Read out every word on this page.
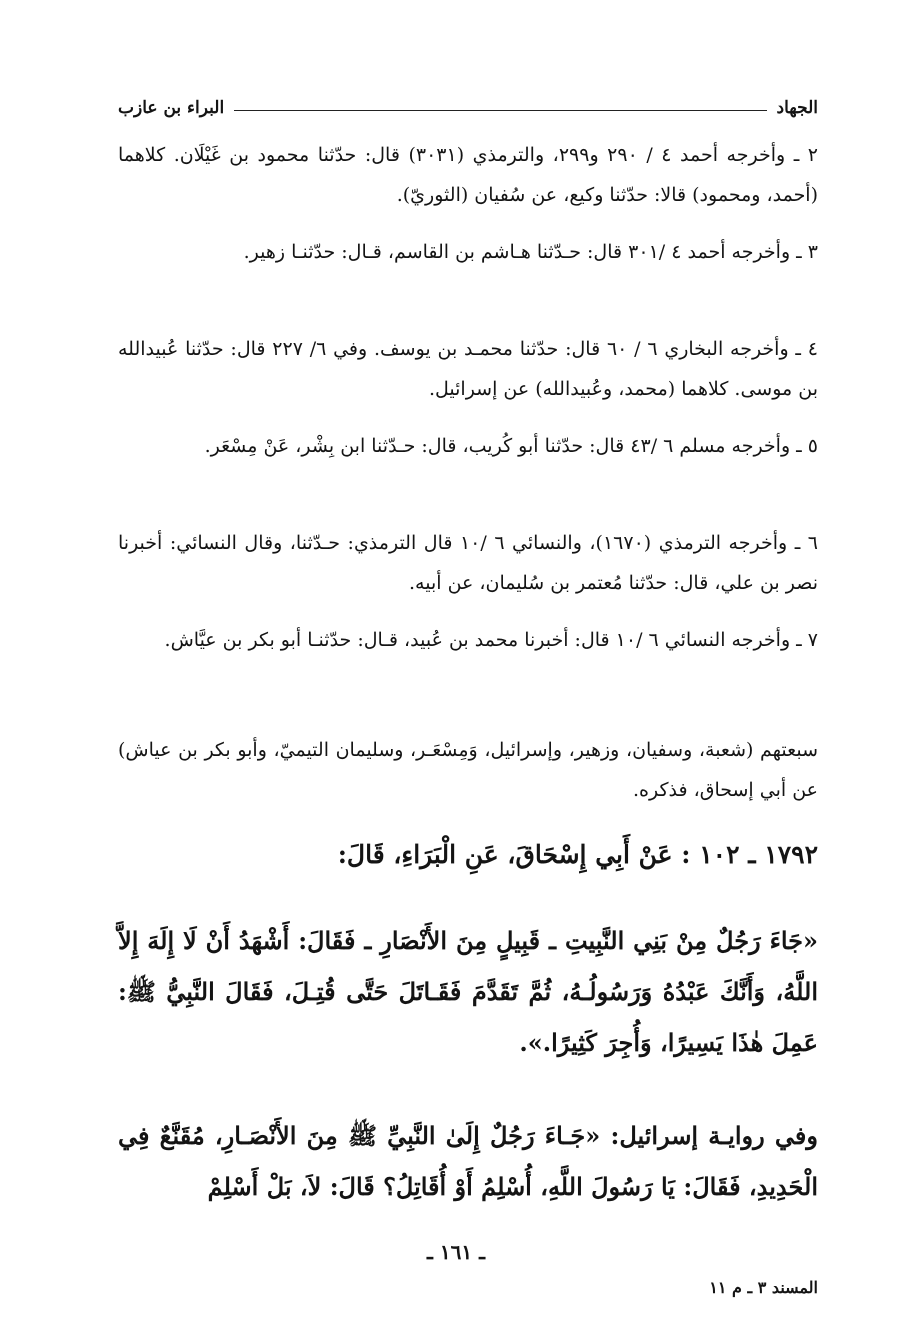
الجهاد
البراء بن عازب
٢ ـ وأخرجه أحمد ٤ / ٢٩٠ و٢٩٩، والترمذي (٣٠٣١) قال: حدّثنا محمود بن غَيْلَان. كلاهما (أحمد، ومحمود) قالا: حدّثنا وكيع، عن سُفيان (الثوريّ).
٣ ـ وأخرجه أحمد ٤ /٣٠١ قال: حـدّثنا هـاشم بن القاسم، قـال: حدّثنـا زهير.
٤ ـ وأخرجه البخاري ٦ / ٦٠ قال: حدّثنا محمـد بن يوسف. وفي ٦/ ٢٢٧ قال: حدّثنا عُبيدالله بن موسى. كلاهما (محمد، وعُبيدالله) عن إسرائيل.
٥ ـ وأخرجه مسلم ٦ /٤٣ قال: حدّثنا أبو كُريب، قال: حـدّثنا ابن بِشْر، عَنْ مِسْعَر.
٦ ـ وأخرجه الترمذي (١٦٧٠)، والنسائي ٦ /١٠ قال الترمذي: حـدّثنا، وقال النسائي: أخبرنا نصر بن علي، قال: حدّثنا مُعتمر بن سُليمان، عن أبيه.
٧ ـ وأخرجه النسائي ٦ /١٠ قال: أخبرنا محمد بن عُبيد، قـال: حدّثنـا أبو بكر بن عيَّاش.
سبعتهم (شعبة، وسفيان، وزهير، وإسرائيل، وَمِسْعَـر، وسليمان التيميّ، وأبو بكر بن عياش) عن أبي إسحاق، فذكره.
١٧٩٢ ـ ١٠٢ : عَنْ أَبِي إِسْحَاقَ، عَنِ الْبَرَاءِ، قَالَ:
«جَاءَ رَجُلٌ مِنْ بَنِي النَّبِيتِ ـ قَبِيلٍ مِنَ الأَنْصَارِ ـ فَقَالَ: أَشْهَدُ أَنْ لَا إِلَهَ إِلاَّ اللَّهُ، وَأَنَّكَ عَبْدُهُ وَرَسُولُـهُ، ثُمَّ تَقَدَّمَ فَقَـاتَلَ حَتَّى قُتِـلَ، فَقَالَ النَّبِيُّ ﷺ: عَمِلَ هٰذَا يَسِيرًا، وَأُجِرَ كَثِيرًا.».
وفي روايـة إسرائيل: «جَـاءَ رَجُلٌ إِلَىٰ النَّبِيِّ ﷺ مِنَ الأَنْصَـارِ، مُقَنَّعٌ فِي الْحَدِيدِ، فَقَالَ: يَا رَسُولَ اللَّهِ، أُسْلِمُ أَوْ أُقَاتِلُ؟ قَالَ: لاَ، بَلْ أَسْلِمْ
ـ ١٦١ ـ
المسند ٣ ـ م ١١
